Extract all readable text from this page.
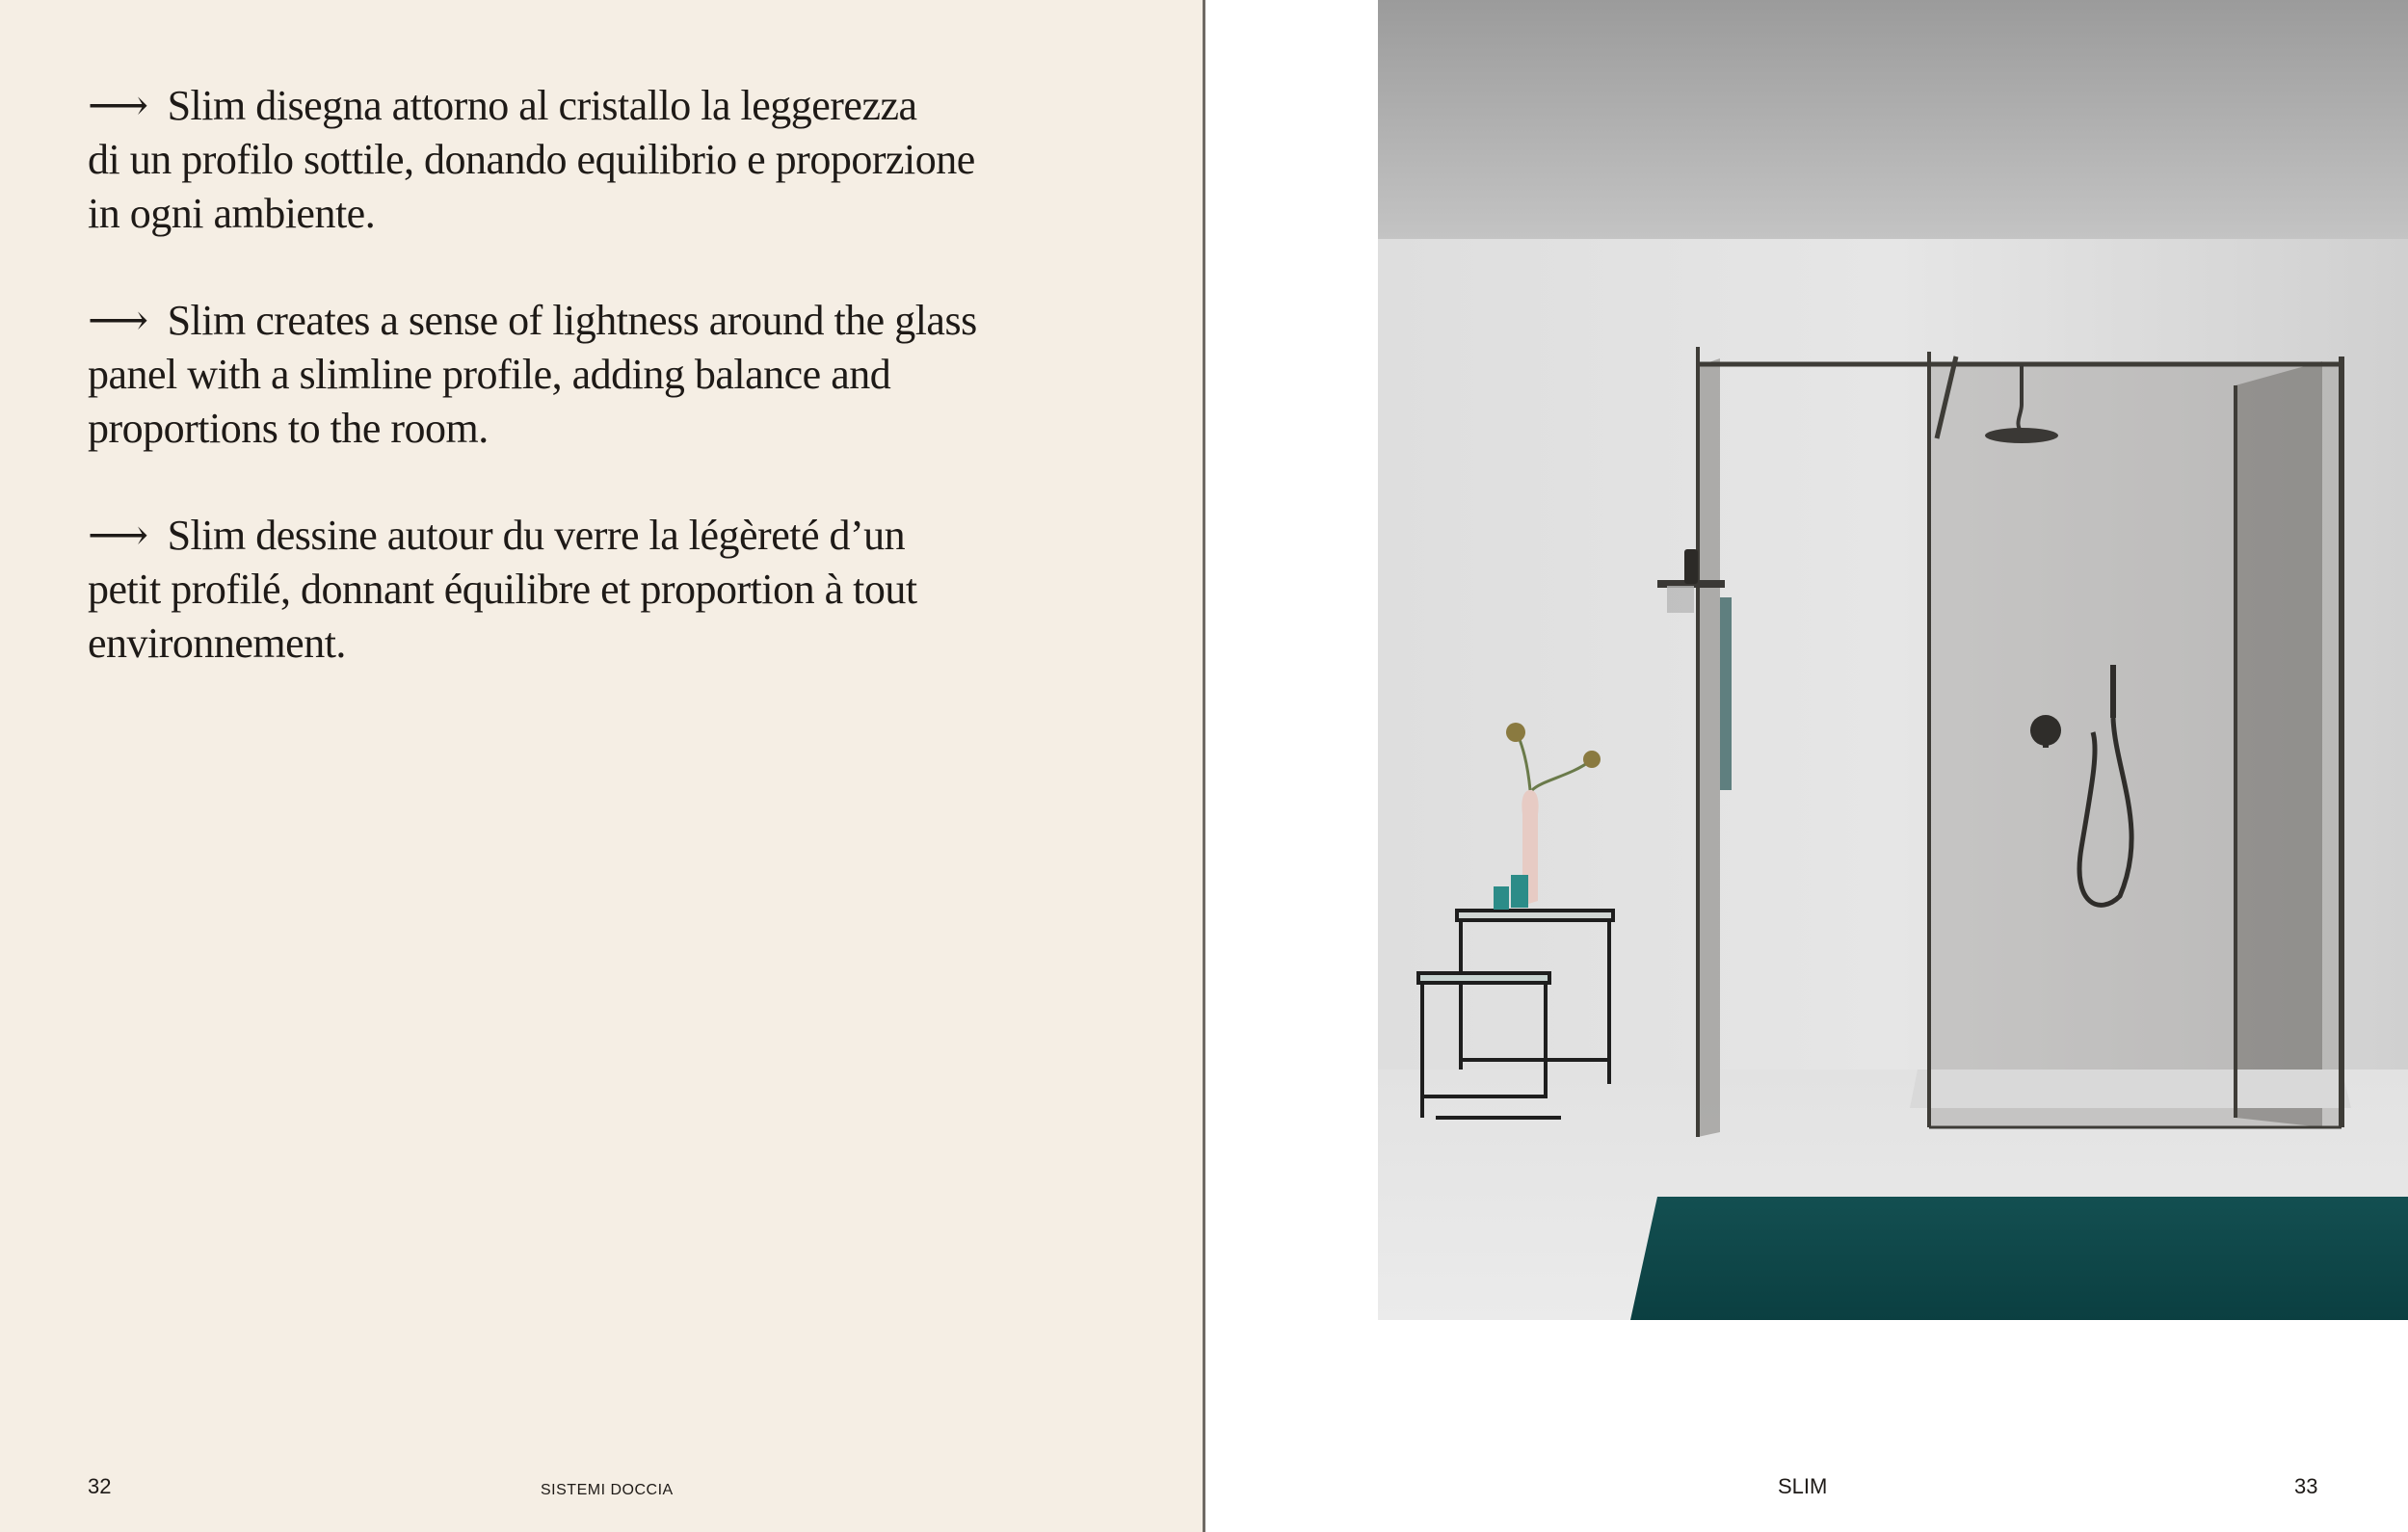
⟶ Slim disegna attorno al cristallo la leggerezza
di un profilo sottile, donando equilibrio e proporzione
in ogni ambiente.

⟶ Slim creates a sense of lightness around the glass
panel with a slimline profile, adding balance and
proportions to the room.

⟶ Slim dessine autour du verre la légèreté d’un
petit profilé, donnant équilibre et proportion à tout
environnement.

32	SISTEMI DOCCIA	SLIM	33
